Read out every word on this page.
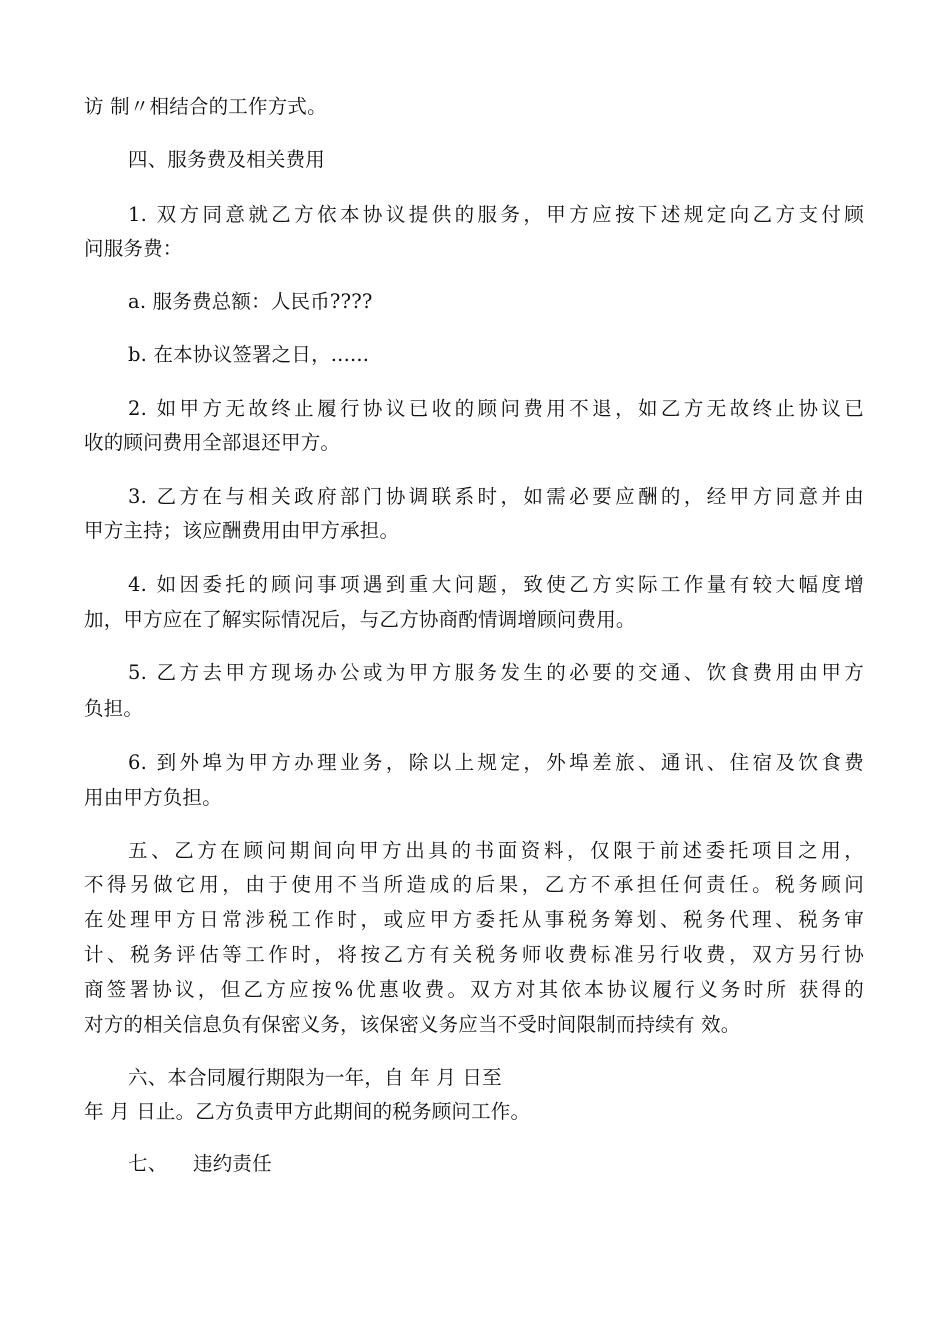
访 制〃相结合的工作方式。
四、服务费及相关费用
1. 双方同意就乙方依本协议提供的服务，甲方应按下述规定向乙方支付顾
问服务费：
a. 服务费总额：人民币????
b. 在本协议签署之日，......
2. 如甲方无故终止履行协议已收的顾问费用不退，如乙方无故终止协议已
收的顾问费用全部退还甲方。
3. 乙方在与相关政府部门协调联系时，如需必要应酬的，经甲方同意并由
甲方主持；该应酬费用由甲方承担。
4. 如因委托的顾问事项遇到重大问题，致使乙方实际工作量有较大幅度增
加，甲方应在了解实际情况后，与乙方协商酌情调增顾问费用。
5. 乙方去甲方现场办公或为甲方服务发生的必要的交通、饮食费用由甲方
负担。
6. 到外埠为甲方办理业务，除以上规定，外埠差旅、通讯、住宿及饮食费
用由甲方负担。
五、乙方在顾问期间向甲方出具的书面资料，仅限于前述委托项目之用，
不得另做它用，由于使用不当所造成的后果，乙方不承担任何责任。税务顾问
在处理甲方日常涉税工作时，或应甲方委托从事税务筹划、税务代理、税务审
计、税务评估等工作时，将按乙方有关税务师收费标准另行收费，双方另行协
商签署协议，但乙方应按%优惠收费。双方对其依本协议履行义务时所 获得的
对方的相关信息负有保密义务，该保密义务应当不受时间限制而持续有 效。
六、本合同履行期限为一年，自 年 月 日至
年 月 日止。乙方负责甲方此期间的税务顾问工作。
七、    违约责任
